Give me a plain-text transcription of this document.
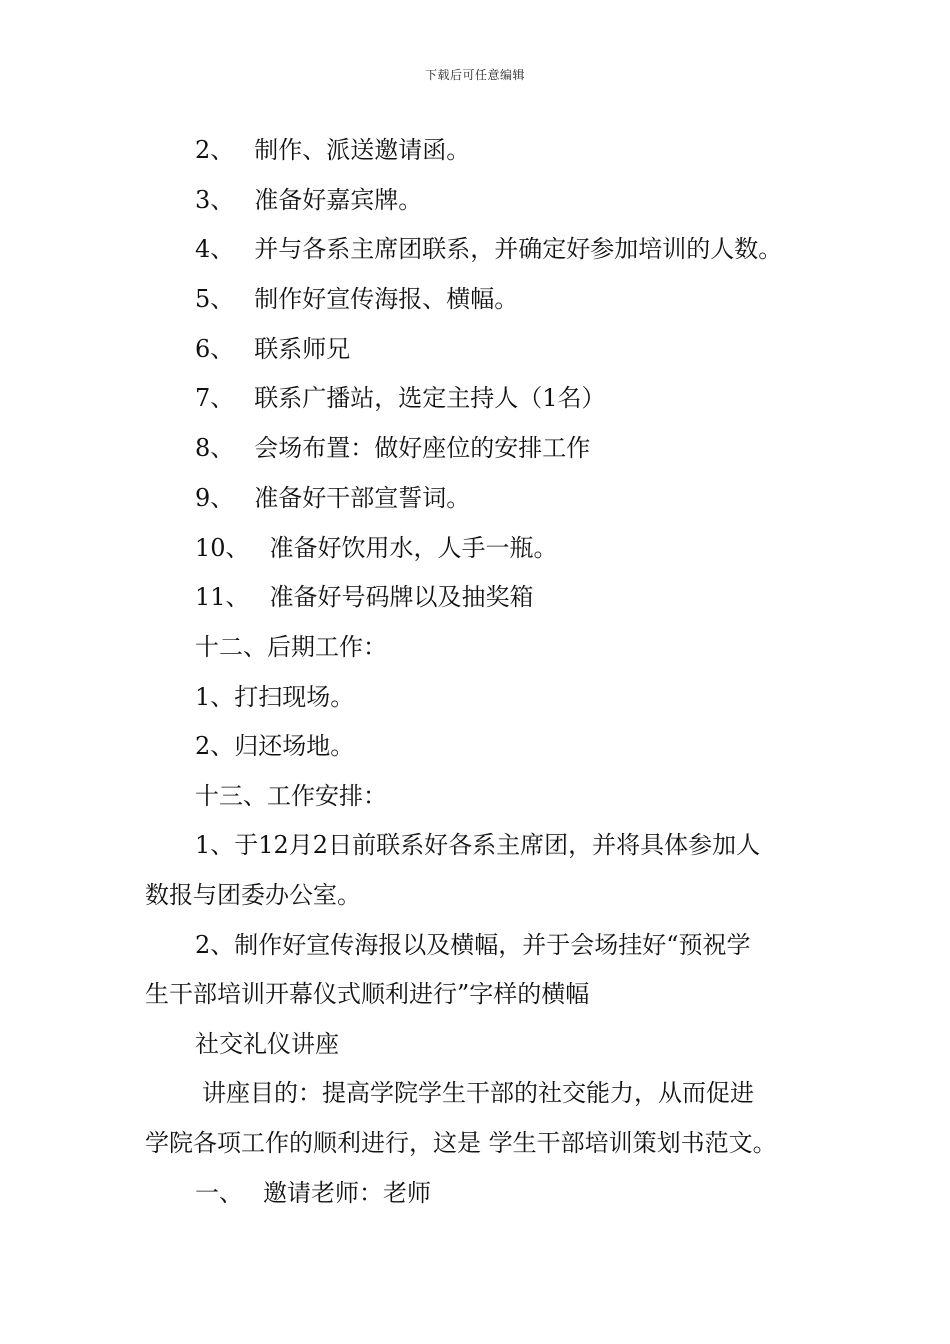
下载后可任意编辑
2、 制作、派送邀请函。
3、 准备好嘉宾牌。
4、 并与各系主席团联系，并确定好参加培训的人数。
5、 制作好宣传海报、横幅。
6、 联系师兄
7、 联系广播站，选定主持人（1名）
8、 会场布置：做好座位的安排工作
9、 准备好干部宣誓词。
10、 准备好饮用水，人手一瓶。
11、 准备好号码牌以及抽奖箱
十二、后期工作：
1、打扫现场。
2、归还场地。
十三、工作安排：
1、于12月2日前联系好各系主席团，并将具体参加人
数报与团委办公室。
2、制作好宣传海报以及横幅，并于会场挂好“预祝学
生干部培训开幕仪式顺利进行”字样的横幅
社交礼仪讲座
讲座目的：提高学院学生干部的社交能力，从而促进
学院各项工作的顺利进行，这是 学生干部培训策划书范文。
一、 邀请老师：老师
